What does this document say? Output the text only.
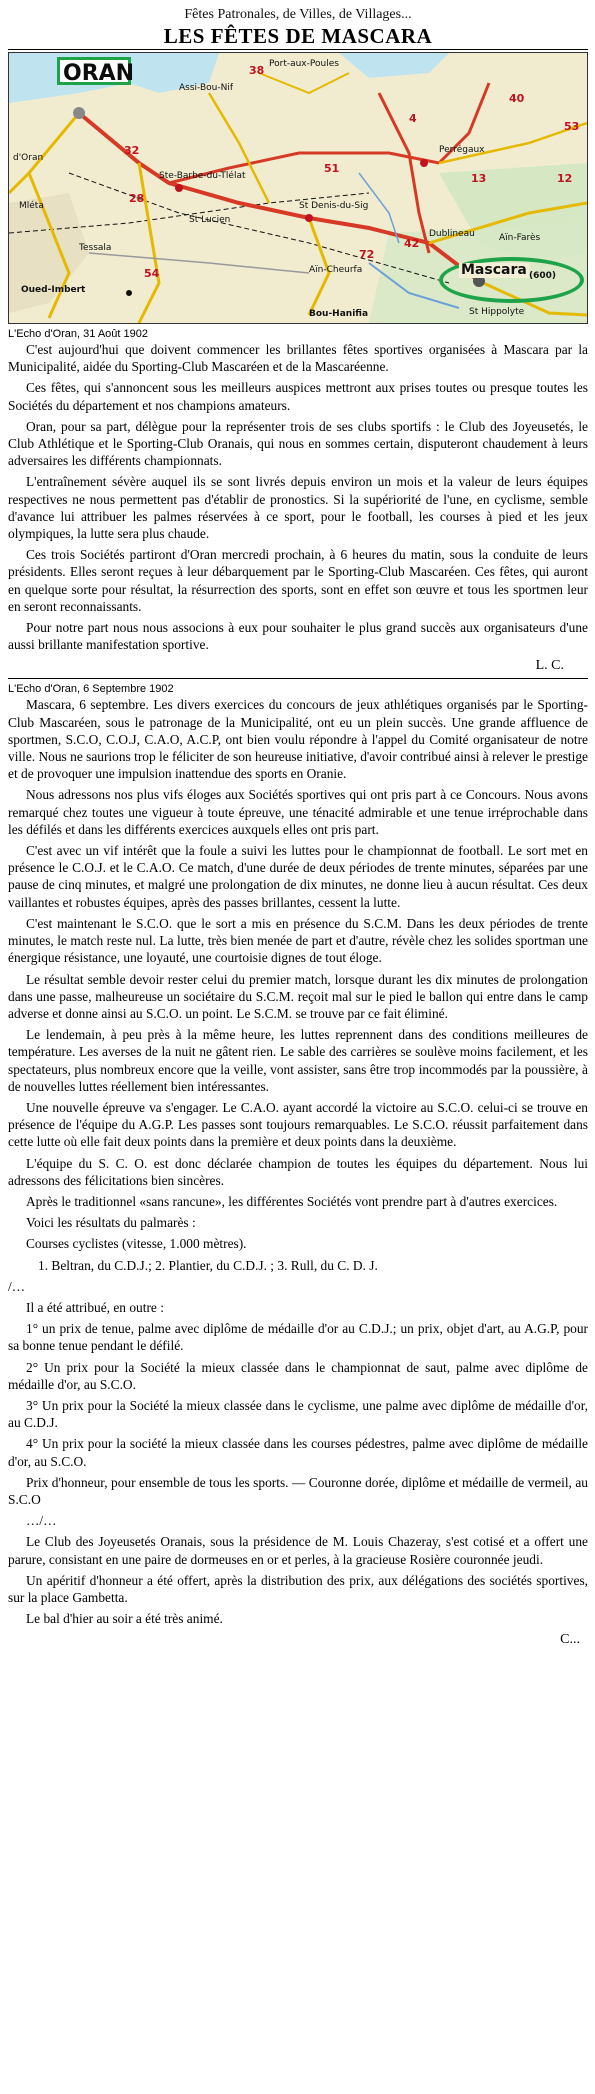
Fêtes Patronales, de Villes, de Villages...
LES FÊTES DE MASCARA
ORAN
Mascara
d'Oran
Ste-Barbe-du-Tlélat
St Denis-du-Sig
Perrégaux
St Lucien
Aïn-Cheurfa
Oued-Imbert
Bou-Hanifia
Mléta
Tessala
Port-aux-Poules
Assi-Bou-Nif
Dublineau	Aïn-Farès
St Hippolyte
(600)
38
32
28
51
54
72
42
40
53
4
13	12
L'Echo d'Oran, 31 Août 1902

C'est aujourd'hui que doivent commencer les brillantes fêtes sportives organisées à Mascara par la Municipalité, aidée du Sporting-Club Mascaréen et de la Mascaréenne.

Ces fêtes, qui s'annoncent sous les meilleurs auspices mettront aux prises toutes ou presque toutes les Sociétés du département et nos champions amateurs.

Oran, pour sa part, délègue pour la représenter trois de ses clubs sportifs : le Club des Joyeusetés, le Club Athlétique et le Sporting-Club Oranais, qui nous en sommes certain, disputeront chaudement à leurs adversaires les différents championnats.

L'entraînement sévère auquel ils se sont livrés depuis environ un mois et la valeur de leurs équipes respectives ne nous permettent pas d'établir de pronostics. Si la supériorité de l'une, en cyclisme, semble d'avance lui attribuer les palmes réservées à ce sport, pour le football, les courses à pied et les jeux olympiques, la lutte sera plus chaude.

Ces trois Sociétés partiront d'Oran mercredi prochain, à 6 heures du matin, sous la conduite de leurs présidents. Elles seront reçues à leur débarquement par le Sporting-Club Mascaréen. Ces fêtes, qui auront en quelque sorte pour résultat, la résurrection des sports, sont en effet son œuvre et tous les sportmen leur en seront reconnaissants.

Pour notre part nous nous associons à eux pour souhaiter le plus grand succès aux organisateurs d'une aussi brillante manifestation sportive.

L. C.
L'Echo d'Oran, 6 Septembre 1902

Mascara, 6 septembre. Les divers exercices du concours de jeux athlétiques organisés par le Sporting-Club Mascaréen, sous le patronage de la Municipalité, ont eu un plein succès. Une grande affluence de sportmen, S.C.O, C.O.J, C.A.O, A.C.P, ont bien voulu répondre à l'appel du Comité organisateur de notre ville. Nous ne saurions trop le féliciter de son heureuse initiative, d'avoir contribué ainsi à relever le prestige et de provoquer une impulsion inattendue des sports en Oranie.

Nous adressons nos plus vifs éloges aux Sociétés sportives qui ont pris part à ce Concours. Nous avons remarqué chez toutes une vigueur à toute épreuve, une ténacité admirable et une tenue irréprochable dans les défilés et dans les différents exercices auxquels elles ont pris part.

C'est avec un vif intérêt que la foule a suivi les luttes pour le championnat de football. Le sort met en présence le C.O.J. et le C.A.O. Ce match, d'une durée de deux périodes de trente minutes, séparées par une pause de cinq minutes, et malgré une prolongation de dix minutes, ne donne lieu à aucun résultat. Ces deux vaillantes et robustes équipes, après des passes brillantes, cessent la lutte.

C'est maintenant le S.C.O. que le sort a mis en présence du S.C.M. Dans les deux périodes de trente minutes, le match reste nul. La lutte, très bien menée de part et d'autre, révèle chez les solides sportman une énergique résistance, une loyauté, une courtoisie dignes de tout éloge.

Le résultat semble devoir rester celui du premier match, lorsque durant les dix minutes de prolongation dans une passe, malheureuse un sociétaire du S.C.M. reçoit mal sur le pied le ballon qui entre dans le camp adverse et donne ainsi au S.C.O. un point. Le S.C.M. se trouve par ce fait éliminé.

Le lendemain, à peu près à la même heure, les luttes reprennent dans des conditions meilleures de température. Les averses de la nuit ne gâtent rien. Le sable des carrières se soulève moins facilement, et les spectateurs, plus nombreux encore que la veille, vont assister, sans être trop incommodés par la poussière, à de nouvelles luttes réellement bien intéressantes.

Une nouvelle épreuve va s'engager. Le C.A.O. ayant accordé la victoire au S.C.O. celui-ci se trouve en présence de l'équipe du A.G.P. Les passes sont toujours remarquables. Le S.C.O. réussit parfaitement dans cette lutte où elle fait deux points dans la première et deux points dans la deuxième.

L'équipe du S. C. O. est donc déclarée champion de toutes les équipes du département. Nous lui adressons des félicitations bien sincères.

Après le traditionnel «sans rancune», les différentes Sociétés vont prendre part à d'autres exercices.

Voici les résultats du palmarès :

Courses cyclistes (vitesse, 1.000 mètres).

1. Beltran, du C.D.J.; 2. Plantier, du C.D.J. ; 3. Rull, du C. D. J.

/…

Il a été attribué, en outre :

1° un prix de tenue, palme avec diplôme de médaille d'or au C.D.J.; un prix, objet d'art, au A.G.P, pour sa bonne tenue pendant le défilé.

2° Un prix pour la Société la mieux classée dans le championnat de saut, palme avec diplôme de médaille d'or, au S.C.O.

3° Un prix pour la Société la mieux classée dans le cyclisme, une palme avec diplôme de médaille d'or, au C.D.J.

4° Un prix pour la société la mieux classée dans les courses pédestres, palme avec diplôme de médaille d'or, au S.C.O.

Prix d'honneur, pour ensemble de tous les sports. — Couronne dorée, diplôme et médaille de vermeil, au S.C.O

…/…

Le Club des Joyeusetés Oranais, sous la présidence de M. Louis Chazeray, s'est cotisé et a offert une parure, consistant en une paire de dormeuses en or et perles, à la gracieuse Rosière couronnée jeudi.

Un apéritif d'honneur a été offert, après la distribution des prix, aux délégations des sociétés sportives, sur la place Gambetta.

Le bal d'hier au soir a été très animé.

C...
